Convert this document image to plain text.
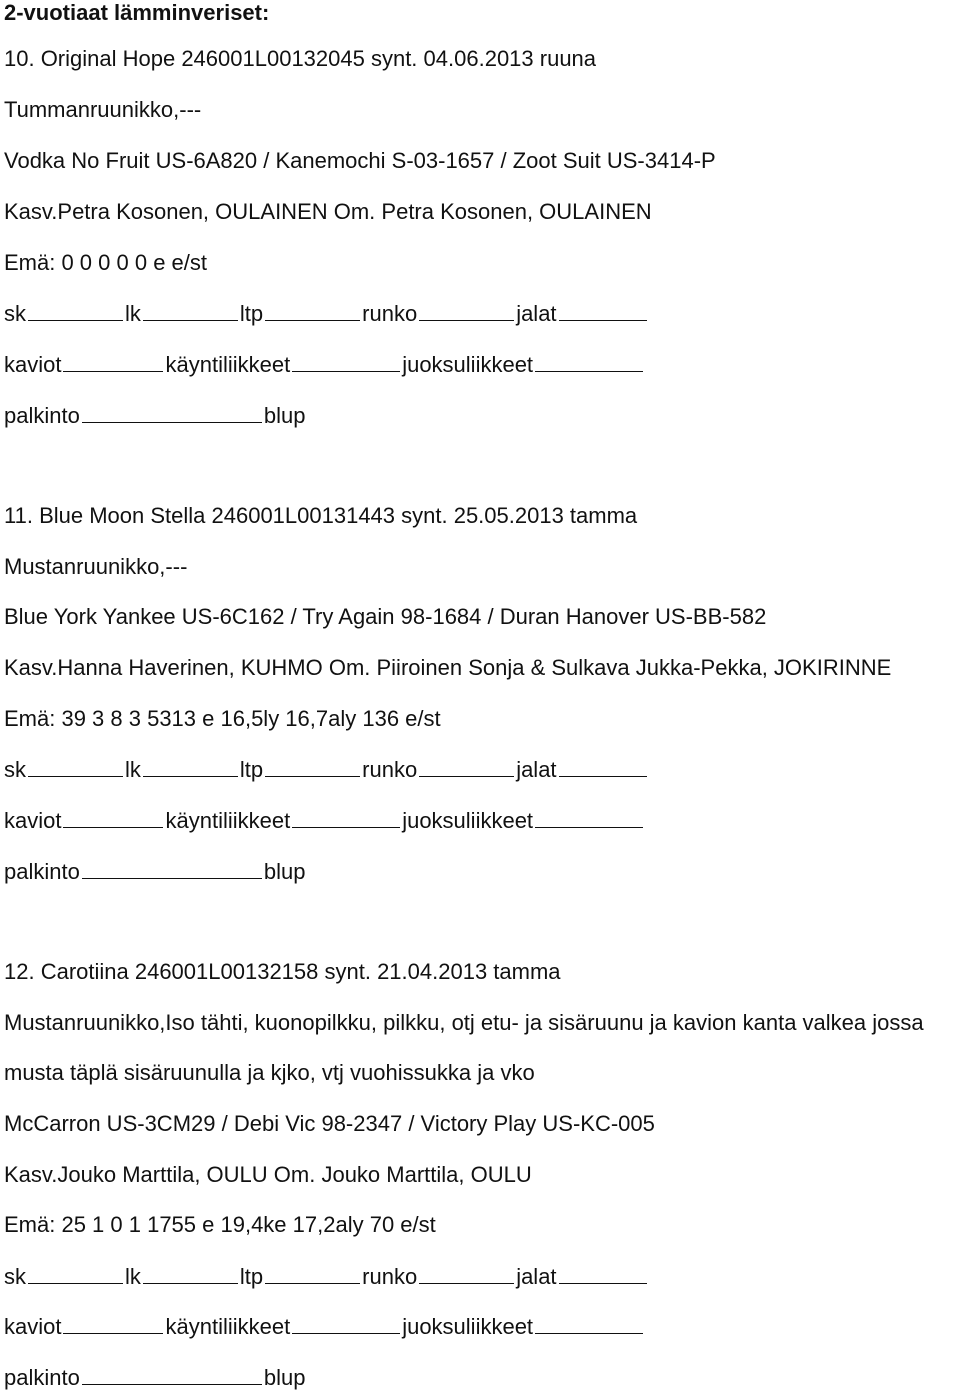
2-vuotiaat lämminveriset:
10. Original Hope 246001L00132045 synt. 04.06.2013 ruuna
Tummanruunikko,---
Vodka No Fruit US-6A820 / Kanemochi S-03-1657 / Zoot Suit US-3414-P
Kasv.Petra Kosonen, OULAINEN Om. Petra Kosonen, OULAINEN
Emä: 0 0 0 0 0 e e/st
sk	lk	ltp	runko	jalat
kaviot	käyntiliikkeet	juoksuliikkeet
palkinto	blup
11. Blue Moon Stella 246001L00131443 synt. 25.05.2013 tamma
Mustanruunikko,---
Blue York Yankee US-6C162 / Try Again 98-1684 / Duran Hanover US-BB-582
Kasv.Hanna Haverinen, KUHMO Om. Piiroinen Sonja & Sulkava Jukka-Pekka, JOKIRINNE
Emä: 39 3 8 3 5313 e 16,5ly 16,7aly 136 e/st
sk	lk	ltp	runko	jalat
kaviot	käyntiliikkeet	juoksuliikkeet
palkinto	blup
12. Carotiina 246001L00132158 synt. 21.04.2013 tamma
Mustanruunikko,Iso tähti, kuonopilkku, pilkku, otj etu- ja sisäruunu ja kavion kanta valkea jossa
musta täplä sisäruunulla ja kjko, vtj vuohissukka ja vko
McCarron US-3CM29 / Debi Vic 98-2347 / Victory Play US-KC-005
Kasv.Jouko Marttila, OULU Om. Jouko Marttila, OULU
Emä: 25 1 0 1 1755 e 19,4ke 17,2aly 70 e/st
sk	lk	ltp	runko	jalat
kaviot	käyntiliikkeet	juoksuliikkeet
palkinto	blup
